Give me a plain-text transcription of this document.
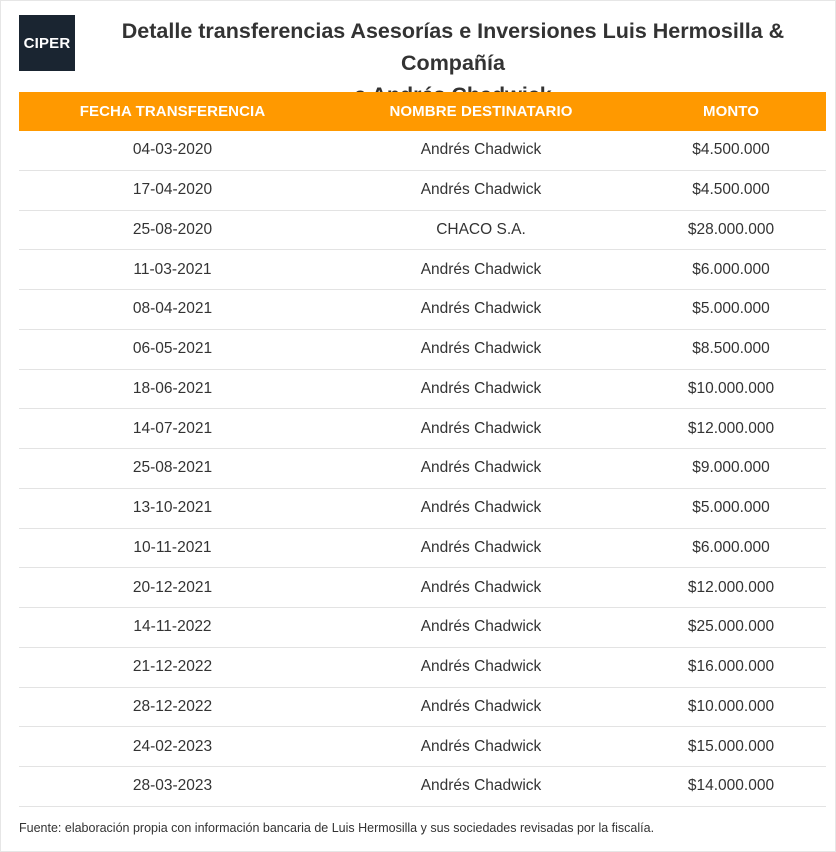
CIPER	Detalle transferencias Asesorías e Inversiones Luis Hermosilla & Compañía
a Andrés Chadwick
FECHA TRANSFERENCIA	NOMBRE DESTINATARIO	MONTO
04-03-2020	Andrés Chadwick	$4.500.000
17-04-2020	Andrés Chadwick	$4.500.000
25-08-2020	CHACO S.A.	$28.000.000
11-03-2021	Andrés Chadwick	$6.000.000
08-04-2021	Andrés Chadwick	$5.000.000
06-05-2021	Andrés Chadwick	$8.500.000
18-06-2021	Andrés Chadwick	$10.000.000
14-07-2021	Andrés Chadwick	$12.000.000
25-08-2021	Andrés Chadwick	$9.000.000
13-10-2021	Andrés Chadwick	$5.000.000
10-11-2021	Andrés Chadwick	$6.000.000
20-12-2021	Andrés Chadwick	$12.000.000
14-11-2022	Andrés Chadwick	$25.000.000
21-12-2022	Andrés Chadwick	$16.000.000
28-12-2022	Andrés Chadwick	$10.000.000
24-02-2023	Andrés Chadwick	$15.000.000
28-03-2023	Andrés Chadwick	$14.000.000
Fuente: elaboración propia con información bancaria de Luis Hermosilla y sus sociedades revisadas por la fiscalía.
